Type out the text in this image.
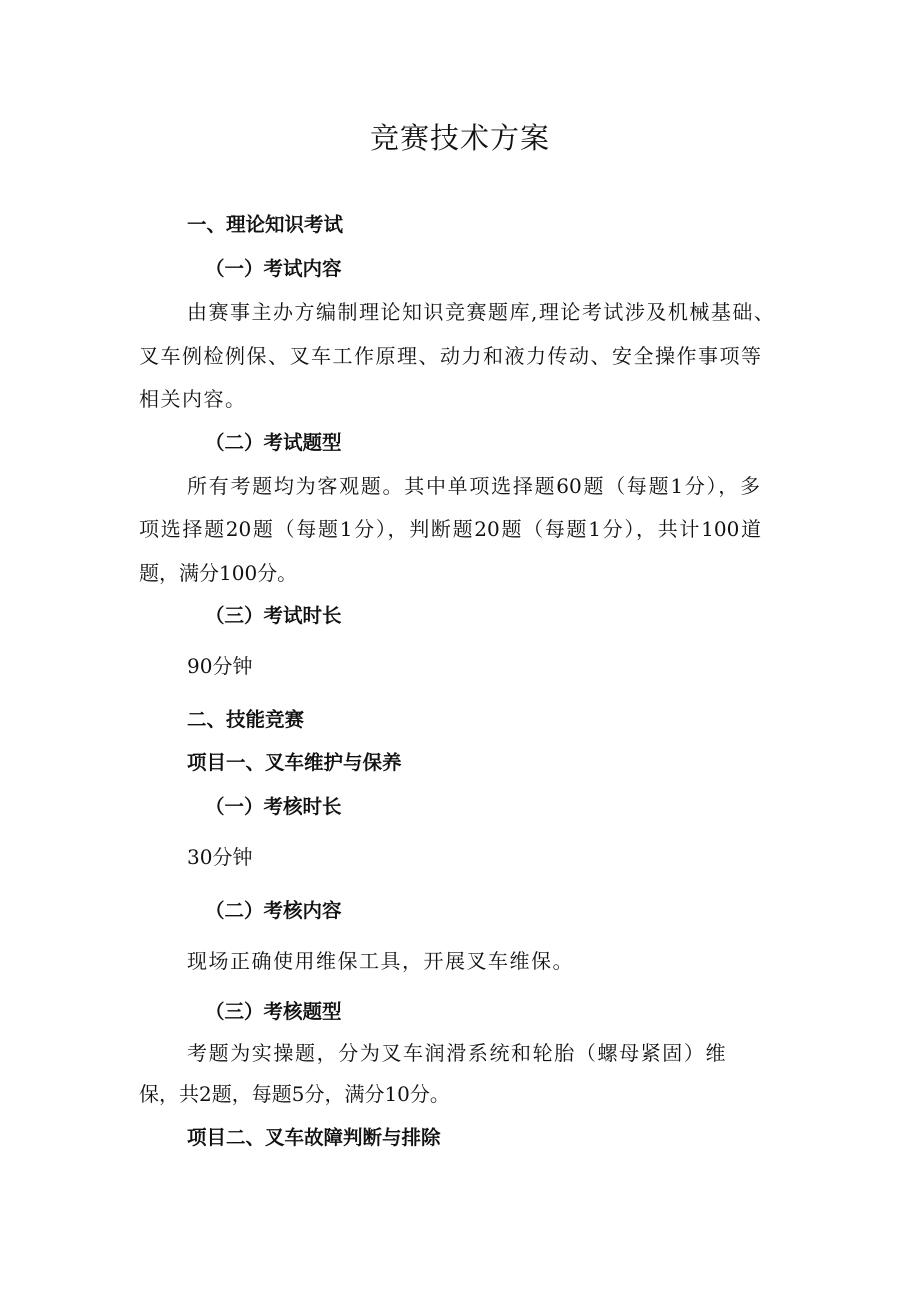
竞赛技术方案
一、理论知识考试
（一）考试内容
由赛事主办方编制理论知识竞赛题库,理论考试涉及机械基础、
叉车例检例保、叉车工作原理、动力和液力传动、安全操作事项等
相关内容。
（二）考试题型
所有考题均为客观题。其中单项选择题60题（每题1分），多
项选择题20题（每题1分），判断题20题（每题1分），共计100道
题，满分100分。
（三）考试时长
90分钟
二、技能竞赛
项目一、叉车维护与保养
（一）考核时长
30分钟
（二）考核内容
现场正确使用维保工具，开展叉车维保。
（三）考核题型
考题为实操题，分为叉车润滑系统和轮胎（螺母紧固）维
保，共2题，每题5分，满分10分。
项目二、叉车故障判断与排除
